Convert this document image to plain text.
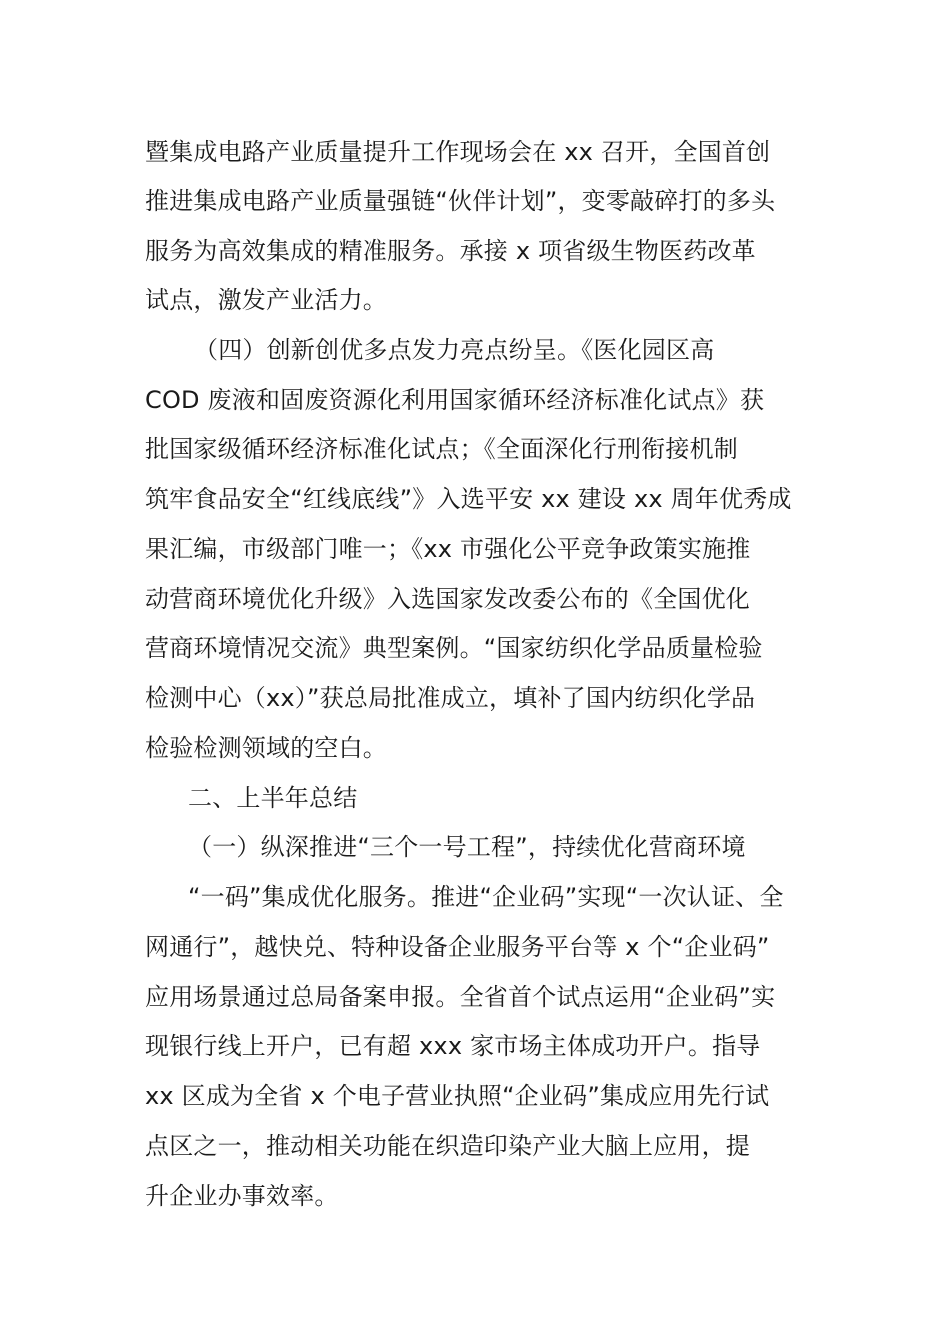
暨集成电路产业质量提升工作现场会在 xx 召开，全国首创
推进集成电路产业质量强链“伙伴计划”，变零敲碎打的多头
服务为高效集成的精准服务。承接 x 项省级生物医药改革
试点，激发产业活力。
（四）创新创优多点发力亮点纷呈。《医化园区高
COD 废液和固废资源化利用国家循环经济标准化试点》获
批国家级循环经济标准化试点；《全面深化行刑衔接机制
筑牢食品安全“红线底线”》入选平安 xx 建设 xx 周年优秀成
果汇编，市级部门唯一；《xx 市强化公平竞争政策实施推
动营商环境优化升级》入选国家发改委公布的《全国优化
营商环境情况交流》典型案例。“国家纺织化学品质量检验
检测中心（xx）”获总局批准成立，填补了国内纺织化学品
检验检测领域的空白。
二、上半年总结
（一）纵深推进“三个一号工程”，持续优化营商环境
“一码”集成优化服务。推进“企业码”实现“一次认证、全
网通行”，越快兑、特种设备企业服务平台等 x 个“企业码”
应用场景通过总局备案申报。全省首个试点运用“企业码”实
现银行线上开户，已有超 xxx 家市场主体成功开户。指导
xx 区成为全省 x 个电子营业执照“企业码”集成应用先行试
点区之一，推动相关功能在织造印染产业大脑上应用，提
升企业办事效率。
